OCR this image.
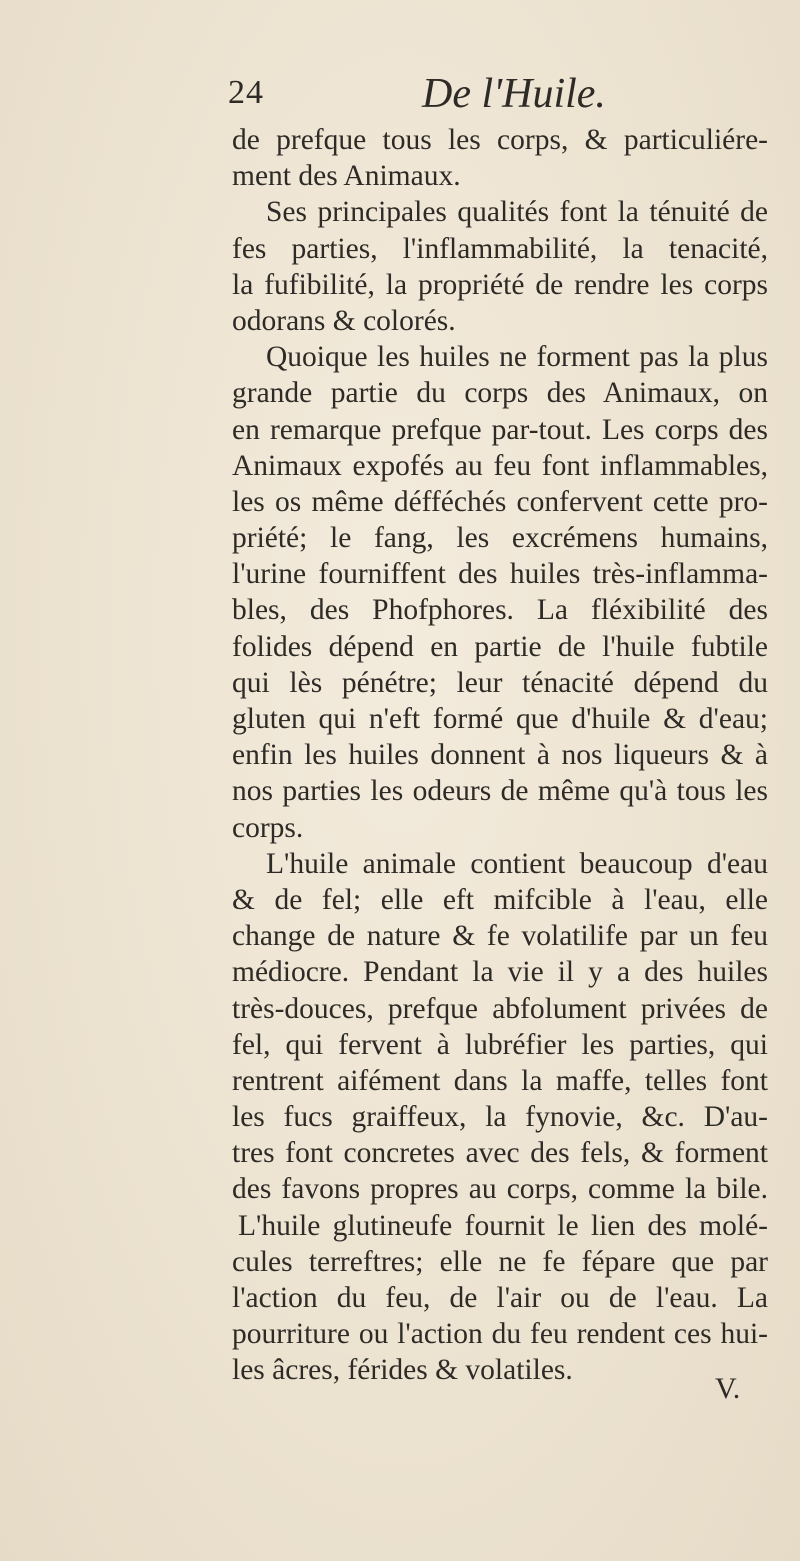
24	De l'Huile.
de prefque tous les corps, & particuliére-
ment des Animaux.
Ses principales qualités font la ténuité de
fes parties, l'inflammabilité, la tenacité,
la fufibilité, la propriété de rendre les corps
odorans & colorés.
Quoique les huiles ne forment pas la plus
grande partie du corps des Animaux, on
en remarque prefque par-tout. Les corps des
Animaux expofés au feu font inflammables,
les os même défféchés confervent cette pro-
priété; le fang, les excrémens humains,
l'urine fourniffent des huiles très-inflamma-
bles, des Phofphores. La fléxibilité des
folides dépend en partie de l'huile fubtile
qui lès pénétre; leur ténacité dépend du
gluten qui n'eft formé que d'huile & d'eau;
enfin les huiles donnent à nos liqueurs & à
nos parties les odeurs de même qu'à tous les
corps.
L'huile animale contient beaucoup d'eau
& de fel; elle eft mifcible à l'eau, elle
change de nature & fe volatilife par un feu
médiocre. Pendant la vie il y a des huiles
très-douces, prefque abfolument privées de
fel, qui fervent à lubréfier les parties, qui
rentrent aifément dans la maffe, telles font
les fucs graiffeux, la fynovie, &c. D'au-
tres font concretes avec des fels, & forment
des favons propres au corps, comme la bile.
L'huile glutineufe fournit le lien des molé-
cules terreftres; elle ne fe fépare que par
l'action du feu, de l'air ou de l'eau. La
pourriture ou l'action du feu rendent ces hui-
les âcres, férides & volatiles.
V.
